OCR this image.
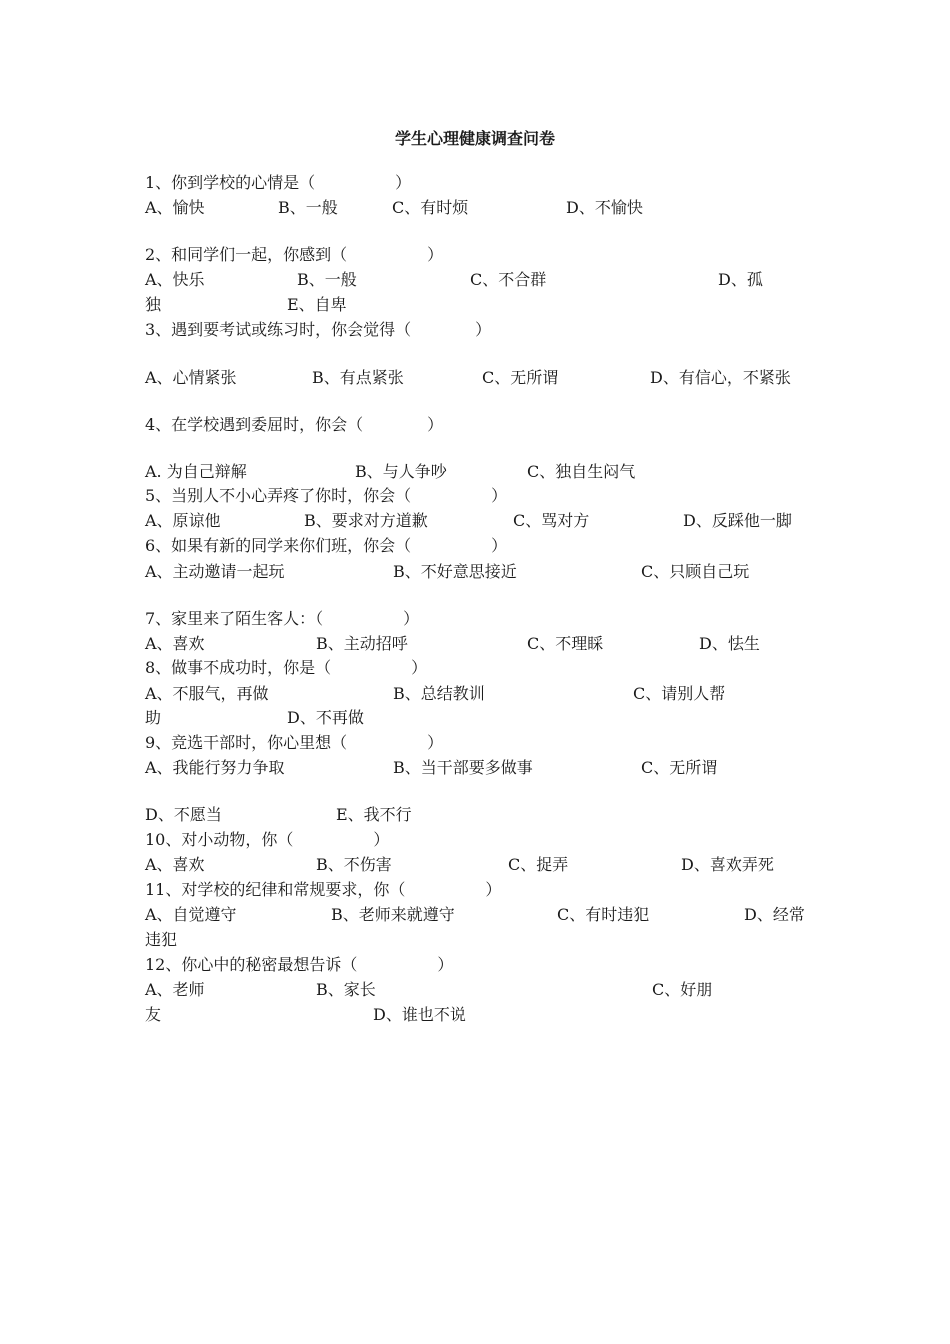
学生心理健康调查问卷
1、你到学校的心情是（　　　　　）
A、愉快	B、一般	C、有时烦	D、不愉快
2、和同学们一起，你感到（　　　　　）
A、快乐	B、一般	C、不合群	D、孤
独	E、自卑
3、遇到要考试或练习时，你会觉得（　　　　）
A、心情紧张	B、有点紧张	C、无所谓	D、有信心，不紧张
4、在学校遇到委屈时，你会（　　　　）
A. 为自己辩解	B、与人争吵	C、独自生闷气
5、当别人不小心弄疼了你时，你会（　　　　　）
A、原谅他	B、要求对方道歉	C、骂对方	D、反踩他一脚
6、如果有新的同学来你们班，你会（　　　　　）
A、主动邀请一起玩	B、不好意思接近	C、只顾自己玩
7、家里来了陌生客人：（　　　　　）
A、喜欢	B、主动招呼	C、不理睬	D、怯生
8、做事不成功时，你是（　　　　　）
A、不服气，再做	B、总结教训	C、请别人帮
助	D、不再做
9、竞选干部时，你心里想（　　　　　）
A、我能行努力争取	B、当干部要多做事	C、无所谓
D、不愿当	E、我不行
10、对小动物，你（　　　　　）
A、喜欢	B、不伤害	C、捉弄	D、喜欢弄死
11、对学校的纪律和常规要求，你（　　　　　）
A、自觉遵守	B、老师来就遵守	C、有时违犯	D、经常
违犯
12、你心中的秘密最想告诉（　　　　　）
A、老师	B、家长	C、好朋
友	D、谁也不说
